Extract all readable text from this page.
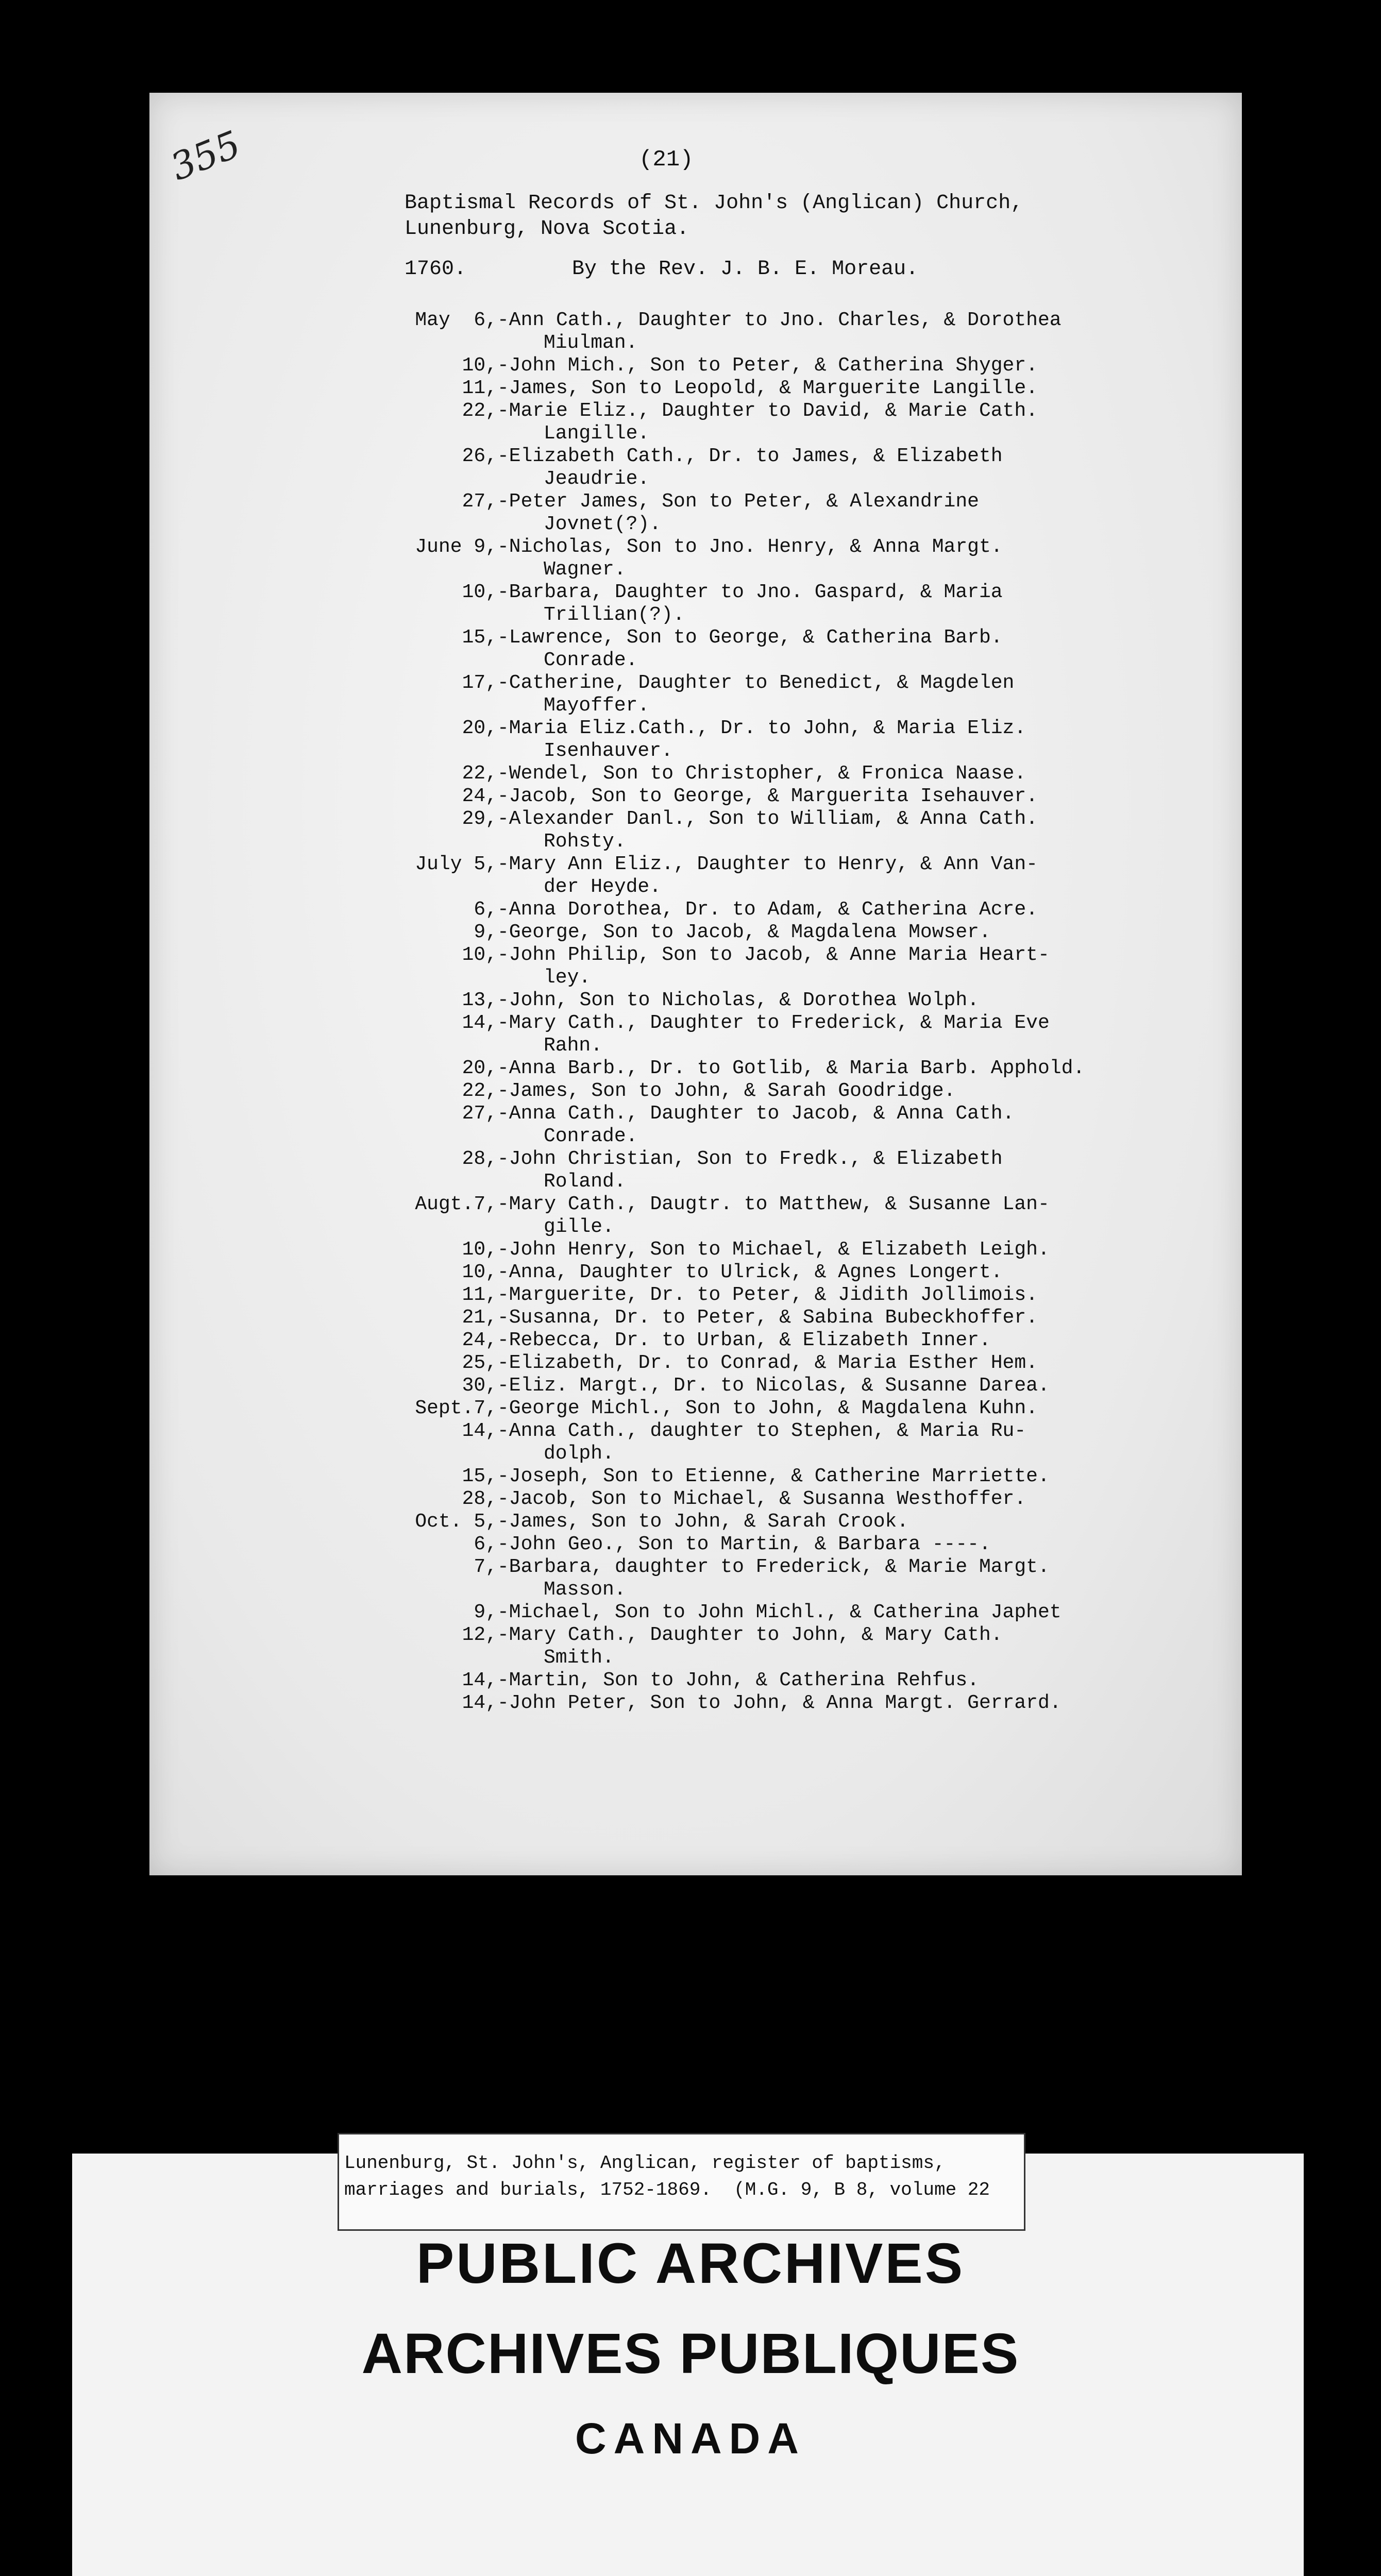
355	(21)
Baptismal Records of St. John's (Anglican) Church,
Lunenburg, Nova Scotia.
1760.	By the Rev. J. B. E. Moreau.
May  6,-Ann Cath., Daughter to Jno. Charles, & Dorothea
Miulman.
10,-John Mich., Son to Peter, & Catherina Shyger.
11,-James, Son to Leopold, & Marguerite Langille.
22,-Marie Eliz., Daughter to David, & Marie Cath.
Langille.
26,-Elizabeth Cath., Dr. to James, & Elizabeth
Jeaudrie.
27,-Peter James, Son to Peter, & Alexandrine
Jovnet(?).
June 9,-Nicholas, Son to Jno. Henry, & Anna Margt.
Wagner.
10,-Barbara, Daughter to Jno. Gaspard, & Maria
Trillian(?).
15,-Lawrence, Son to George, & Catherina Barb.
Conrade.
17,-Catherine, Daughter to Benedict, & Magdelen
Mayoffer.
20,-Maria Eliz.Cath., Dr. to John, & Maria Eliz.
Isenhauver.
22,-Wendel, Son to Christopher, & Fronica Naase.
24,-Jacob, Son to George, & Marguerita Isehauver.
29,-Alexander Danl., Son to William, & Anna Cath.
Rohsty.
July 5,-Mary Ann Eliz., Daughter to Henry, & Ann Van-
der Heyde.
6,-Anna Dorothea, Dr. to Adam, & Catherina Acre.
9,-George, Son to Jacob, & Magdalena Mowser.
10,-John Philip, Son to Jacob, & Anne Maria Heart-
ley.
13,-John, Son to Nicholas, & Dorothea Wolph.
14,-Mary Cath., Daughter to Frederick, & Maria Eve
Rahn.
20,-Anna Barb., Dr. to Gotlib, & Maria Barb. Apphold.
22,-James, Son to John, & Sarah Goodridge.
27,-Anna Cath., Daughter to Jacob, & Anna Cath.
Conrade.
28,-John Christian, Son to Fredk., & Elizabeth
Roland.
Augt.7,-Mary Cath., Daugtr. to Matthew, & Susanne Lan-
gille.
10,-John Henry, Son to Michael, & Elizabeth Leigh.
10,-Anna, Daughter to Ulrick, & Agnes Longert.
11,-Marguerite, Dr. to Peter, & Jidith Jollimois.
21,-Susanna, Dr. to Peter, & Sabina Bubeckhoffer.
24,-Rebecca, Dr. to Urban, & Elizabeth Inner.
25,-Elizabeth, Dr. to Conrad, & Maria Esther Hem.
30,-Eliz. Margt., Dr. to Nicolas, & Susanne Darea.
Sept.7,-George Michl., Son to John, & Magdalena Kuhn.
14,-Anna Cath., daughter to Stephen, & Maria Ru-
dolph.
15,-Joseph, Son to Etienne, & Catherine Marriette.
28,-Jacob, Son to Michael, & Susanna Westhoffer.
Oct. 5,-James, Son to John, & Sarah Crook.
6,-John Geo., Son to Martin, & Barbara ----.
7,-Barbara, daughter to Frederick, & Marie Margt.
Masson.
9,-Michael, Son to John Michl., & Catherina Japhet
12,-Mary Cath., Daughter to John, & Mary Cath.
Smith.
14,-Martin, Son to John, & Catherina Rehfus.
14,-John Peter, Son to John, & Anna Margt. Gerrard.
Lunenburg, St. John's, Anglican, register of baptisms,
marriages and burials, 1752-1869.  (M.G. 9, B 8, volume 22
PUBLIC ARCHIVES
ARCHIVES PUBLIQUES
CANADA
